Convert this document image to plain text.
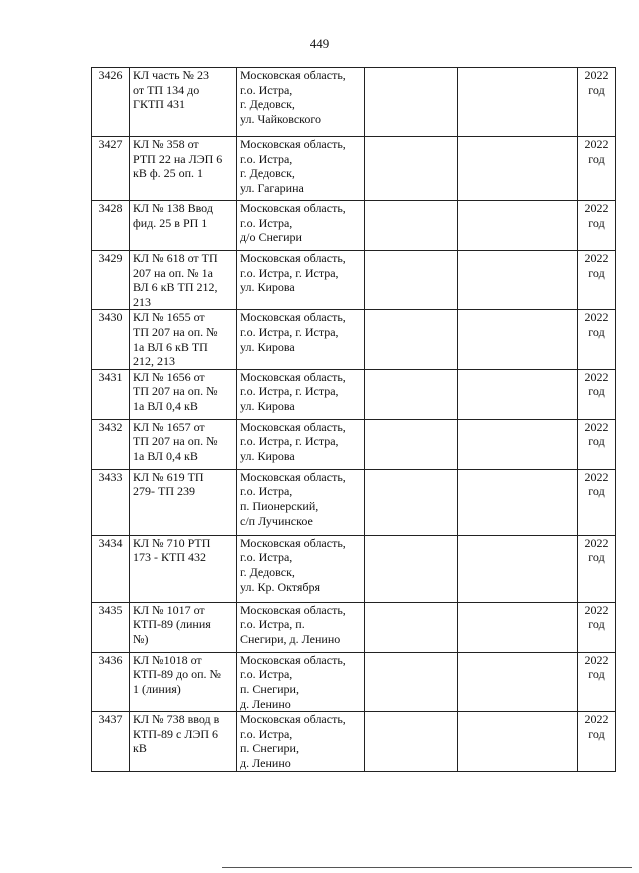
449
3426	КЛ часть № 23
от ТП 134 до
ГКТП 431	Московская область,
г.о. Истра,
г. Дедовск,
ул. Чайковского			2022
год
3427	КЛ № 358 от
РТП 22 на ЛЭП 6
кВ ф. 25 оп. 1	Московская область,
г.о. Истра,
г. Дедовск,
ул. Гагарина			2022
год
3428	КЛ № 138 Ввод
фид. 25 в РП 1	Московская область,
г.о. Истра,
д/о Снегири			2022
год
3429	КЛ № 618 от ТП
207 на оп. № 1а
ВЛ 6 кВ ТП 212,
213	Московская область,
г.о. Истра, г. Истра,
ул. Кирова			2022
год
3430	КЛ № 1655 от
ТП 207 на оп. №
1а ВЛ 6 кВ ТП
212, 213	Московская область,
г.о. Истра, г. Истра,
ул. Кирова			2022
год
3431	КЛ № 1656 от
ТП 207 на оп. №
1а ВЛ 0,4 кВ	Московская область,
г.о. Истра, г. Истра,
ул. Кирова			2022
год
3432	КЛ № 1657 от
ТП 207 на оп. №
1а ВЛ 0,4 кВ	Московская область,
г.о. Истра, г. Истра,
ул. Кирова			2022
год
3433	КЛ № 619 ТП
279- ТП 239	Московская область,
г.о. Истра,
п. Пионерский,
с/п Лучинское			2022
год
3434	КЛ № 710 РТП
173 - КТП 432	Московская область,
г.о. Истра,
г. Дедовск,
ул. Кр. Октября			2022
год
3435	КЛ № 1017 от
КТП-89 (линия
№)	Московская область,
г.о. Истра, п.
Снегири, д. Ленино			2022
год
3436	КЛ №1018 от
КТП-89 до оп. №
1 (линия)	Московская область,
г.о. Истра,
п. Снегири,
д. Ленино			2022
год
3437	КЛ № 738 ввод в
КТП-89 с ЛЭП 6
кВ	Московская область,
г.о. Истра,
п. Снегири,
д. Ленино			2022
год
